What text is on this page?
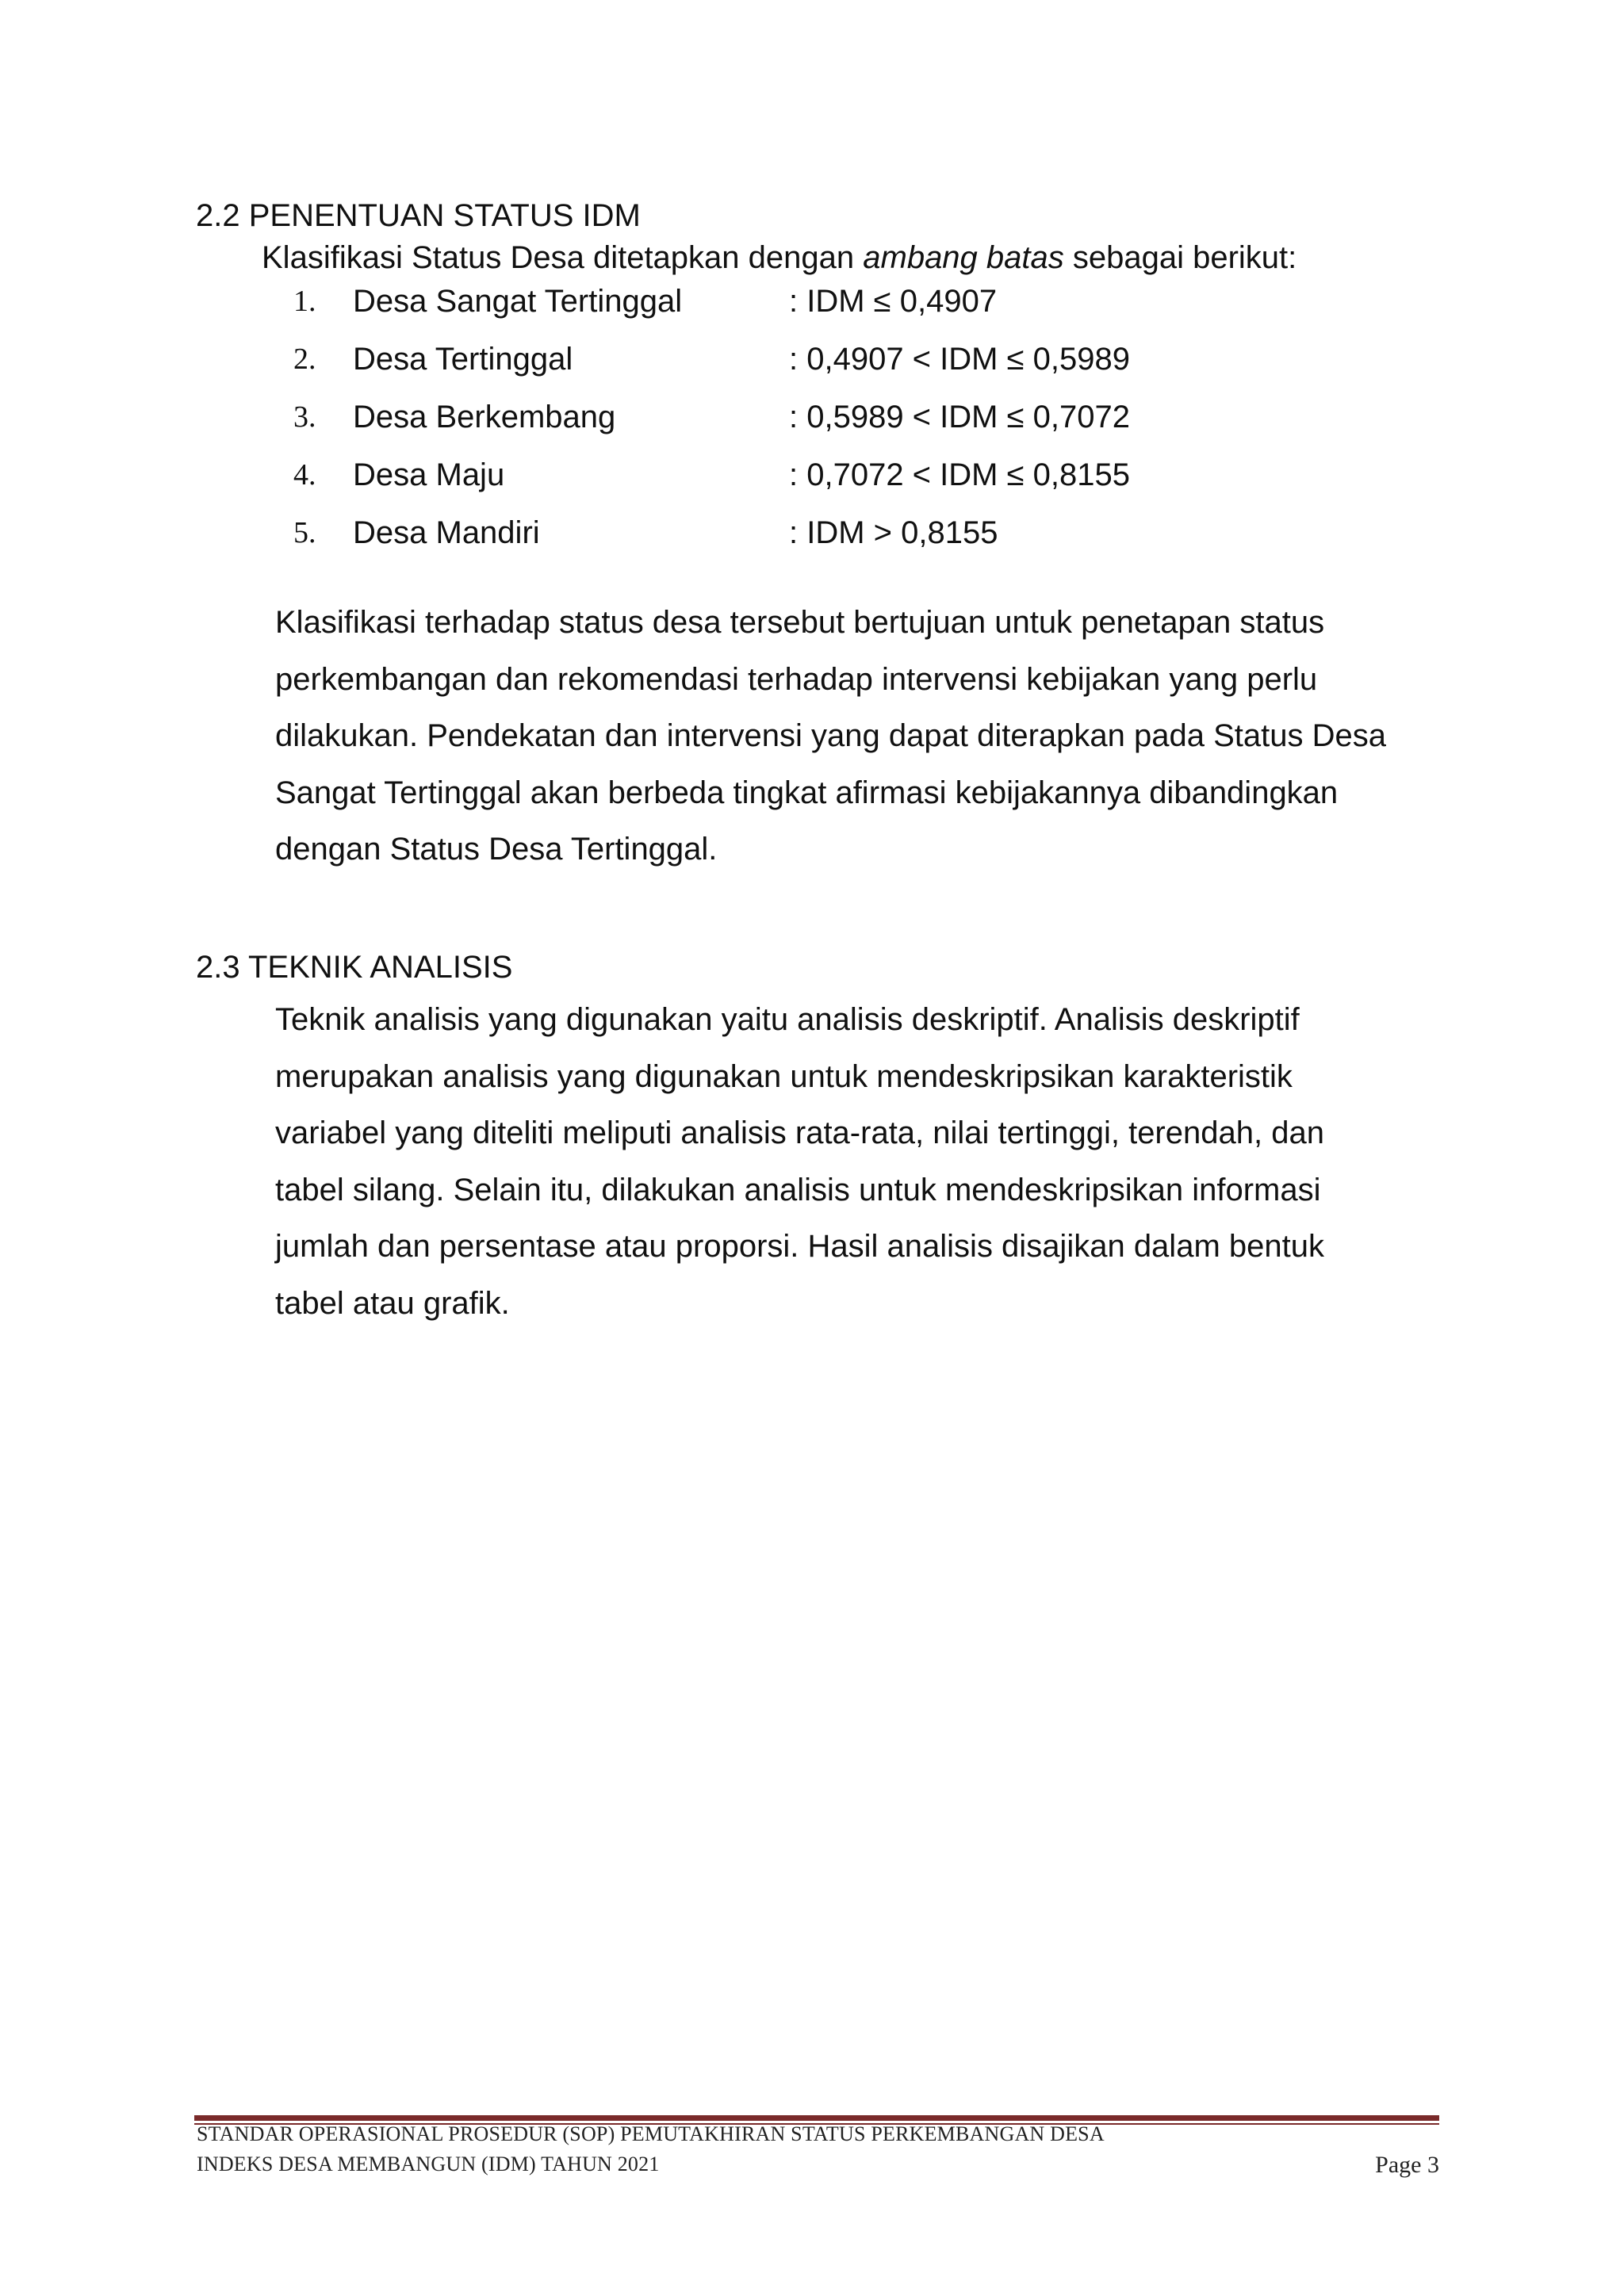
2.2 PENENTUAN STATUS IDM
Klasifikasi Status Desa ditetapkan dengan ambang batas sebagai berikut:
1. Desa Sangat Tertinggal	: IDM ≤ 0,4907
2. Desa Tertinggal	: 0,4907 < IDM ≤ 0,5989
3. Desa Berkembang	: 0,5989 < IDM ≤ 0,7072
4. Desa Maju	: 0,7072 < IDM ≤ 0,8155
5. Desa Mandiri	: IDM > 0,8155

Klasifikasi terhadap status desa tersebut bertujuan untuk penetapan status
perkembangan dan rekomendasi terhadap intervensi kebijakan yang perlu
dilakukan. Pendekatan dan intervensi yang dapat diterapkan pada Status Desa
Sangat Tertinggal akan berbeda tingkat afirmasi kebijakannya dibandingkan
dengan Status Desa Tertinggal.

2.3 TEKNIK ANALISIS

Teknik analisis yang digunakan yaitu analisis deskriptif. Analisis deskriptif
merupakan analisis yang digunakan untuk mendeskripsikan karakteristik
variabel yang diteliti meliputi analisis rata-rata, nilai tertinggi, terendah, dan
tabel silang. Selain itu, dilakukan analisis untuk mendeskripsikan informasi
jumlah dan persentase atau proporsi. Hasil analisis disajikan dalam bentuk
tabel atau grafik.

STANDAR OPERASIONAL PROSEDUR (SOP) PEMUTAKHIRAN STATUS PERKEMBANGAN DESA
INDEKS DESA MEMBANGUN (IDM) TAHUN 2021	Page 3
